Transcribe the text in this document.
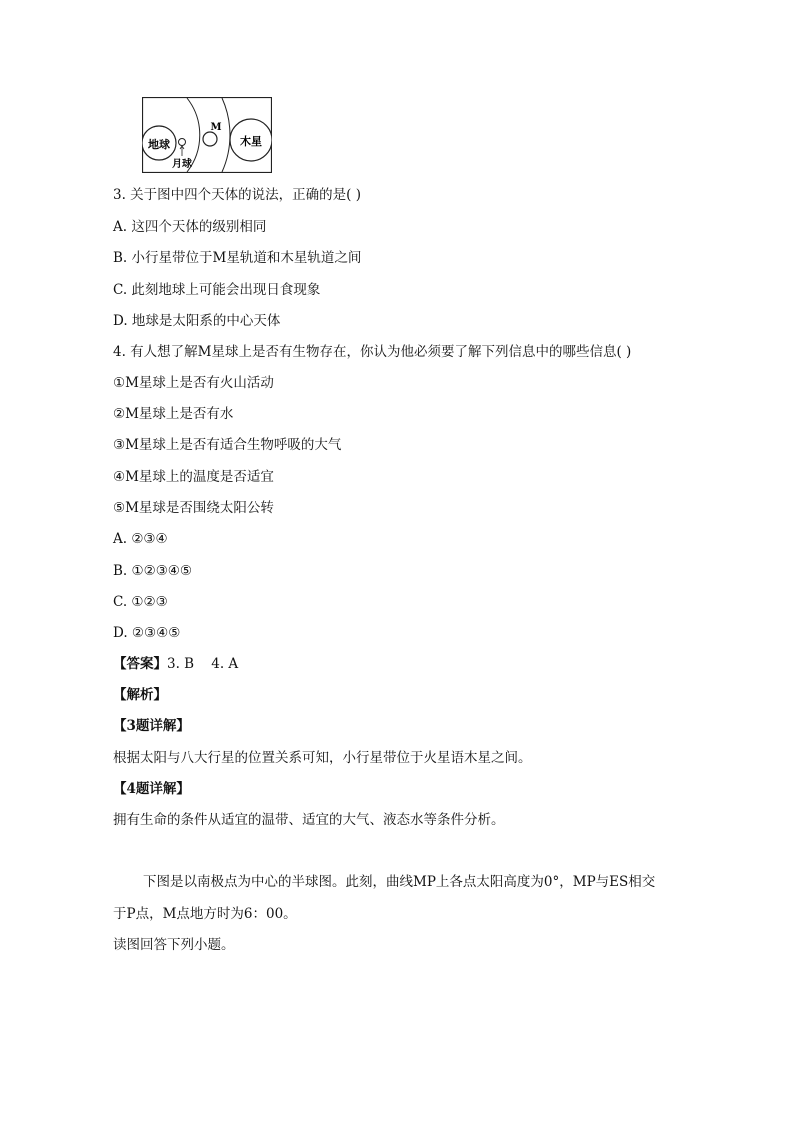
地球
月球
M
木星
3. 关于图中四个天体的说法，正确的是( )
A. 这四个天体的级别相同
B. 小行星带位于M星轨道和木星轨道之间
C. 此刻地球上可能会出现日食现象
D. 地球是太阳系的中心天体
4. 有人想了解M星球上是否有生物存在，你认为他必须要了解下列信息中的哪些信息( )
①M星球上是否有火山活动
②M星球上是否有水
③M星球上是否有适合生物呼吸的大气
④M星球上的温度是否适宜
⑤M星球是否围绕太阳公转
A. ②③④
B. ①②③④⑤
C. ①②③
D. ②③④⑤
【答案】3. B    4. A
【解析】
【3题详解】
根据太阳与八大行星的位置关系可知，小行星带位于火星语木星之间。
【4题详解】
拥有生命的条件从适宜的温带、适宜的大气、液态水等条件分析。
下图是以南极点为中心的半球图。此刻，曲线MP上各点太阳高度为0°，MP与ES相交
于P点，M点地方时为6：00。
读图回答下列小题。
